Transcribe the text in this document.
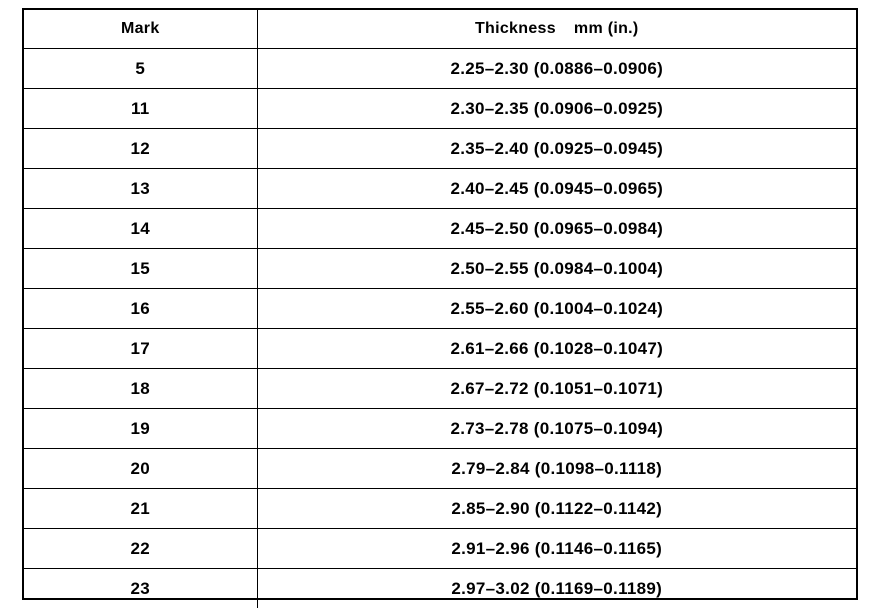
Mark	Thickness mm (in.)
5	2.25–2.30 (0.0886–0.0906)
11	2.30–2.35 (0.0906–0.0925)
12	2.35–2.40 (0.0925–0.0945)
13	2.40–2.45 (0.0945–0.0965)
14	2.45–2.50 (0.0965–0.0984)
15	2.50–2.55 (0.0984–0.1004)
16	2.55–2.60 (0.1004–0.1024)
17	2.61–2.66 (0.1028–0.1047)
18	2.67–2.72 (0.1051–0.1071)
19	2.73–2.78 (0.1075–0.1094)
20	2.79–2.84 (0.1098–0.1118)
21	2.85–2.90 (0.1122–0.1142)
22	2.91–2.96 (0.1146–0.1165)
23	2.97–3.02 (0.1169–0.1189)
